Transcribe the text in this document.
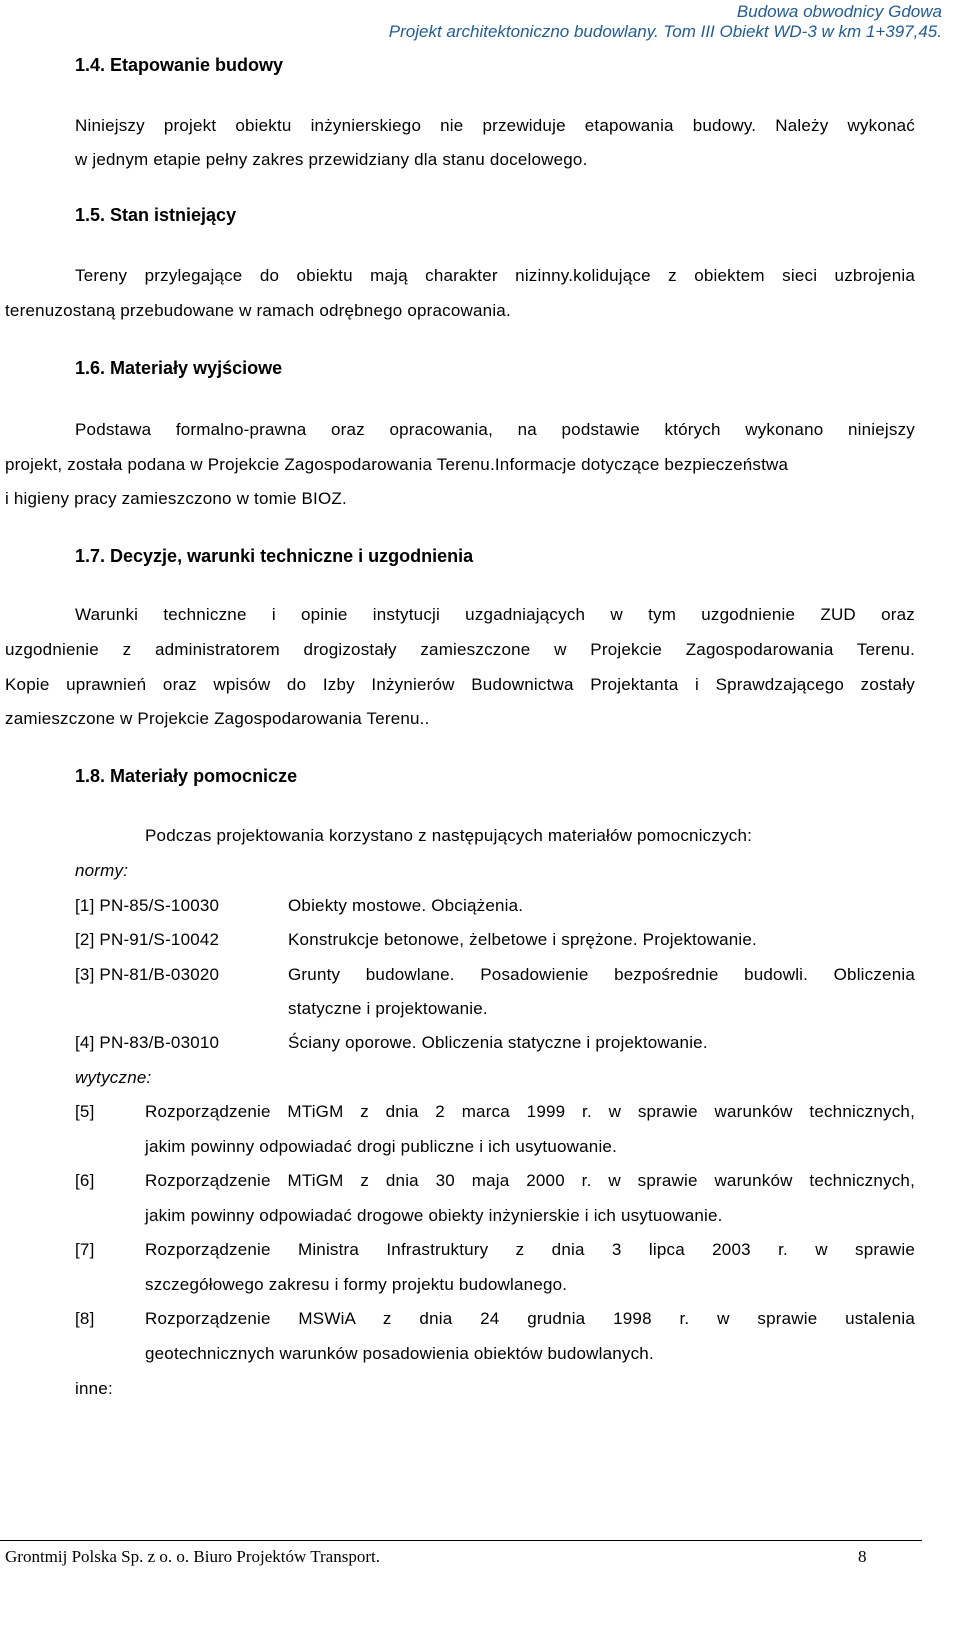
Budowa obwodnicy Gdowa
Projekt architektoniczno budowlany. Tom III Obiekt WD-3 w km 1+397,45.
1.4. Etapowanie budowy
Niniejszy projekt obiektu inżynierskiego nie przewiduje etapowania budowy. Należy wykonać
w jednym etapie pełny zakres przewidziany dla stanu docelowego.
1.5. Stan istniejący
Tereny przylegające do obiektu mają charakter nizinny.kolidujące z obiektem sieci uzbrojenia
terenuzostaną przebudowane w ramach odrębnego opracowania.
1.6. Materiały wyjściowe
Podstawa formalno-prawna oraz opracowania, na podstawie których wykonano niniejszy
projekt, została podana w Projekcie Zagospodarowania Terenu.Informacje dotyczące bezpieczeństwa
i higieny pracy zamieszczono w tomie BIOZ.
1.7. Decyzje, warunki techniczne i uzgodnienia
Warunki techniczne i opinie instytucji uzgadniających w tym uzgodnienie ZUD oraz
uzgodnienie z administratorem drogizostały zamieszczone w Projekcie Zagospodarowania Terenu.
Kopie uprawnień oraz wpisów do Izby Inżynierów Budownictwa Projektanta i Sprawdzającego zostały
zamieszczone w Projekcie Zagospodarowania Terenu..
1.8. Materiały pomocnicze
Podczas projektowania korzystano z następujących materiałów pomocniczych:
normy:
[1] PN-85/S-10030	Obiekty mostowe. Obciążenia.
[2] PN-91/S-10042	Konstrukcje betonowe, żelbetowe i sprężone. Projektowanie.
[3] PN-81/B-03020	Grunty budowlane. Posadowienie bezpośrednie budowli. Obliczenia
statyczne i projektowanie.
[4] PN-83/B-03010	Ściany oporowe. Obliczenia statyczne i projektowanie.
wytyczne:
[5]	Rozporządzenie MTiGM z dnia 2 marca 1999 r. w sprawie warunków technicznych,
jakim powinny odpowiadać drogi publiczne i ich usytuowanie.
[6]	Rozporządzenie MTiGM z dnia 30 maja 2000 r. w sprawie warunków technicznych,
jakim powinny odpowiadać drogowe obiekty inżynierskie i ich usytuowanie.
[7]	Rozporządzenie Ministra Infrastruktury z dnia 3 lipca 2003 r. w sprawie
szczegółowego zakresu i formy projektu budowlanego.
[8]	Rozporządzenie MSWiA z dnia 24 grudnia 1998 r. w sprawie ustalenia
geotechnicznych warunków posadowienia obiektów budowlanych.
inne:
Grontmij Polska Sp. z o. o. Biuro Projektów Transport.	8
